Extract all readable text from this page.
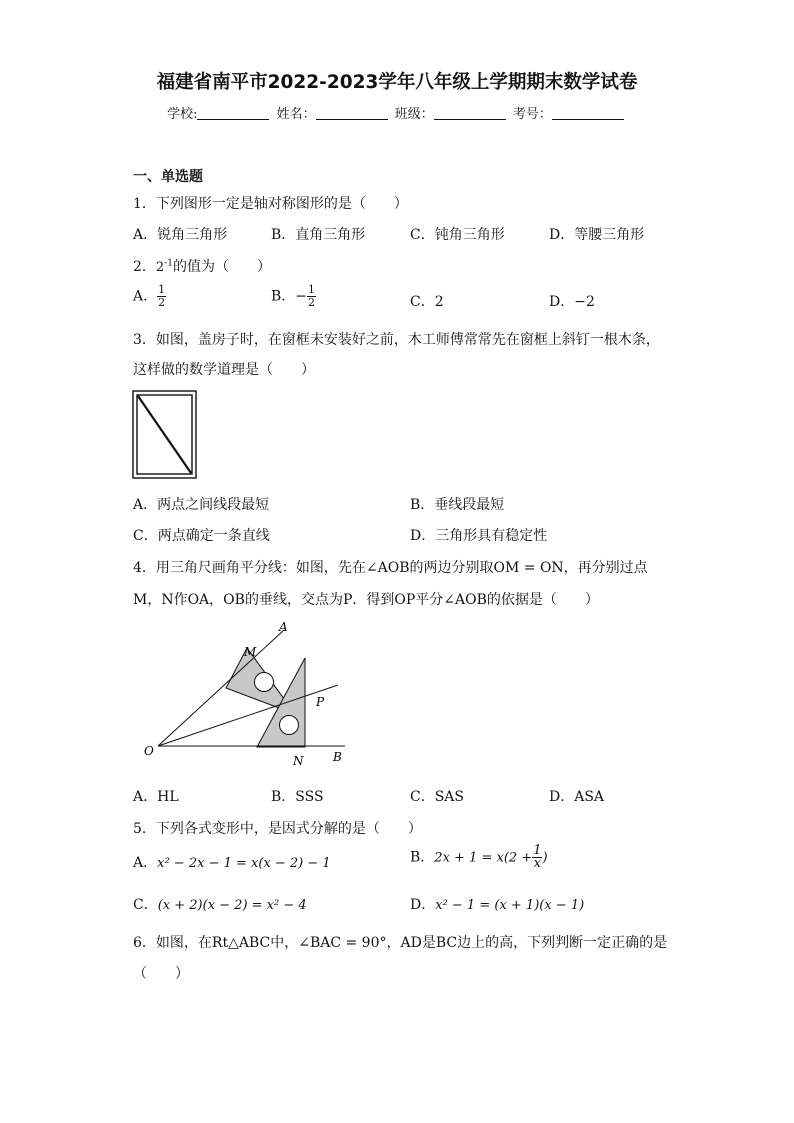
福建省南平市2022-2023学年八年级上学期期末数学试卷
学校:	姓名：	班级：	考号：
一、单选题
1．下列图形一定是轴对称图形的是（　　）
A．锐角三角形	B．直角三角形	C．钝角三角形	D．等腰三角形
2．$2^{-1}$的值为（　　）
A． $\frac{1}{2}$	B．− $\frac{1}{2}$	C．2	D．−2
3．如图，盖房子时，在窗框未安装好之前，木工师傅常常先在窗框上斜钉一根木条，
这样做的数学道理是（　　）
A．两点之间线段最短	B．垂线段最短
C．两点确定一条直线	D．三角形具有稳定性
4．用三角尺画角平分线：如图，先在∠AOB的两边分别取OM = ON，再分别过点
M，N作OA，OB的垂线，交点为P．得到OP平分∠AOB的依据是（　　）
A
M
P
O
N B
A．HL	B．SSS	C．SAS	D．ASA
5．下列各式变形中，是因式分解的是（　　）
A．x² − 2x − 1 = x(x − 2) − 1	B．$2x + 1 = x(2 + \frac{1}{x}$ )
C．(x + 2)(x − 2) = x² − 4	D．x² − 1 = (x + 1)(x − 1)
6．如图，在Rt△ABC中，∠BAC = 90°，AD是BC边上的高，下列判断一定正确的是
（　　）
